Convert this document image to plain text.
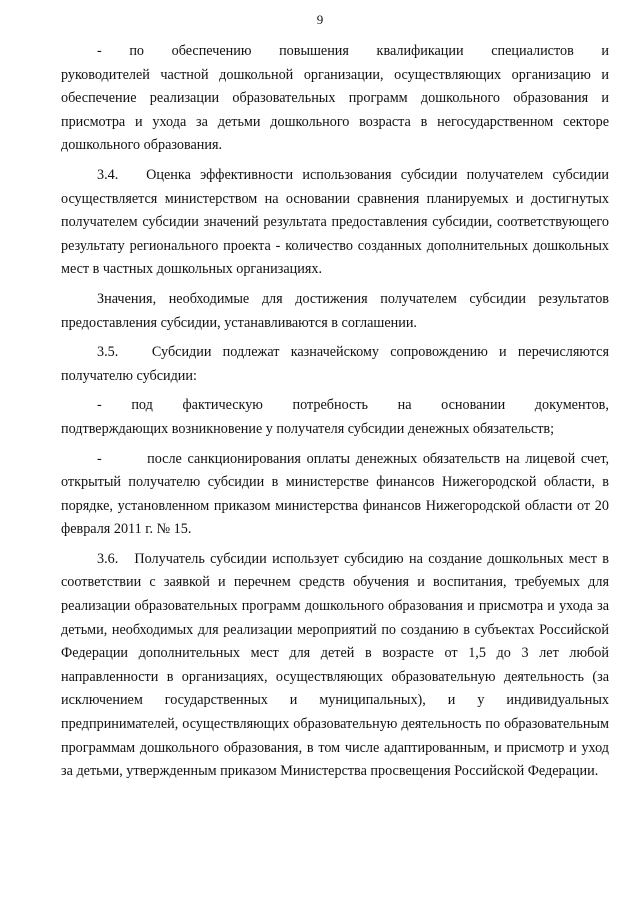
9
- по обеспечению повышения квалификации специалистов и

руководителей частной дошкольной организации, осуществляющих организацию и обеспечение реализации образовательных программ дошкольного образования и присмотра и ухода за детьми дошкольного возраста в негосударственном секторе дошкольного образования.

3.4.   Оценка эффективности использования субсидии получателем субсидии осуществляется министерством на основании сравнения планируемых и достигнутых получателем субсидии значений результата предоставления субсидии, соответствующего результату регионального проекта - количество созданных дополнительных дошкольных мест в частных дошкольных организациях.

Значения, необходимые для достижения получателем субсидии результатов предоставления субсидии, устанавливаются в соглашении.

3.5.   Субсидии подлежат казначейскому сопровождению и перечисляются получателю субсидии:

- под фактическую потребность на основании документов,

подтверждающих возникновение у получателя субсидии денежных обязательств;

-        после санкционирования оплаты денежных обязательств на лицевой счет, открытый получателю субсидии в министерстве финансов Нижегородской области, в порядке, установленном приказом министерства финансов Нижегородской области от 20 февраля 2011 г. № 15.

3.6.   Получатель субсидии использует субсидию на создание дошкольных мест в соответствии с заявкой и перечнем средств обучения и воспитания, требуемых для реализации образовательных программ дошкольного образования и присмотра и ухода за детьми, необходимых для реализации мероприятий по созданию в субъектах Российской Федерации дополнительных мест для детей в возрасте от 1,5 до 3 лет любой направленности в организациях, осуществляющих образовательную деятельность (за исключением государственных и муниципальных), и у индивидуальных предпринимателей, осуществляющих образовательную деятельность по образовательным программам дошкольного образования, в том числе адаптированным, и присмотр и уход за детьми, утвержденным приказом Министерства просвещения Российской Федерации.
